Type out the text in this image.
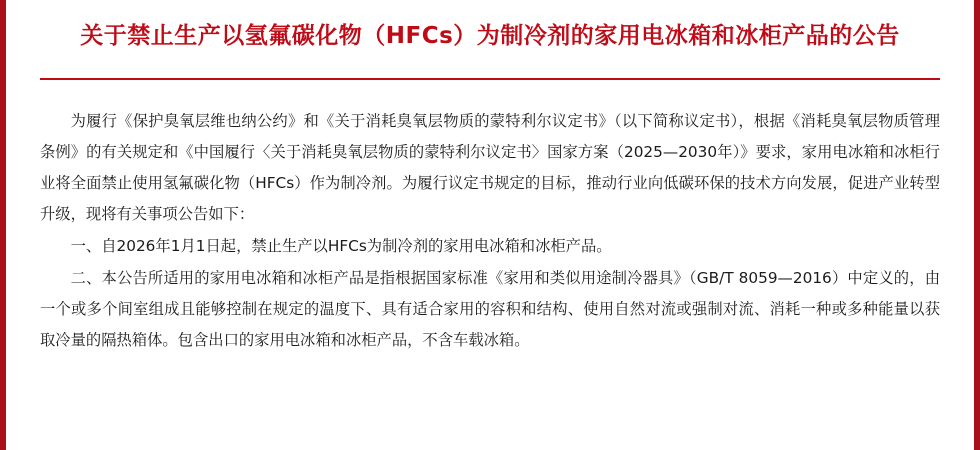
关于禁止生产以氢氟碳化物（HFCs）为制冷剂的家用电冰箱和冰柜产品的公告

为履行《保护臭氧层维也纳公约》和《关于消耗臭氧层物质的蒙特利尔议定书》（以下简称议定书），根据《消耗臭氧层物质管理条例》的有关规定和《中国履行〈关于消耗臭氧层物质的蒙特利尔议定书〉国家方案（2025—2030年）》要求，家用电冰箱和冰柜行业将全面禁止使用氢氟碳化物（HFCs）作为制冷剂。为履行议定书规定的目标，推动行业向低碳环保的技术方向发展，促进产业转型升级，现将有关事项公告如下：

一、自2026年1月1日起，禁止生产以HFCs为制冷剂的家用电冰箱和冰柜产品。

二、本公告所适用的家用电冰箱和冰柜产品是指根据国家标准《家用和类似用途制冷器具》（GB/T 8059—2016）中定义的，由一个或多个间室组成且能够控制在规定的温度下、具有适合家用的容积和结构、使用自然对流或强制对流、消耗一种或多种能量以获取冷量的隔热箱体。包含出口的家用电冰箱和冰柜产品，不含车载冰箱。
